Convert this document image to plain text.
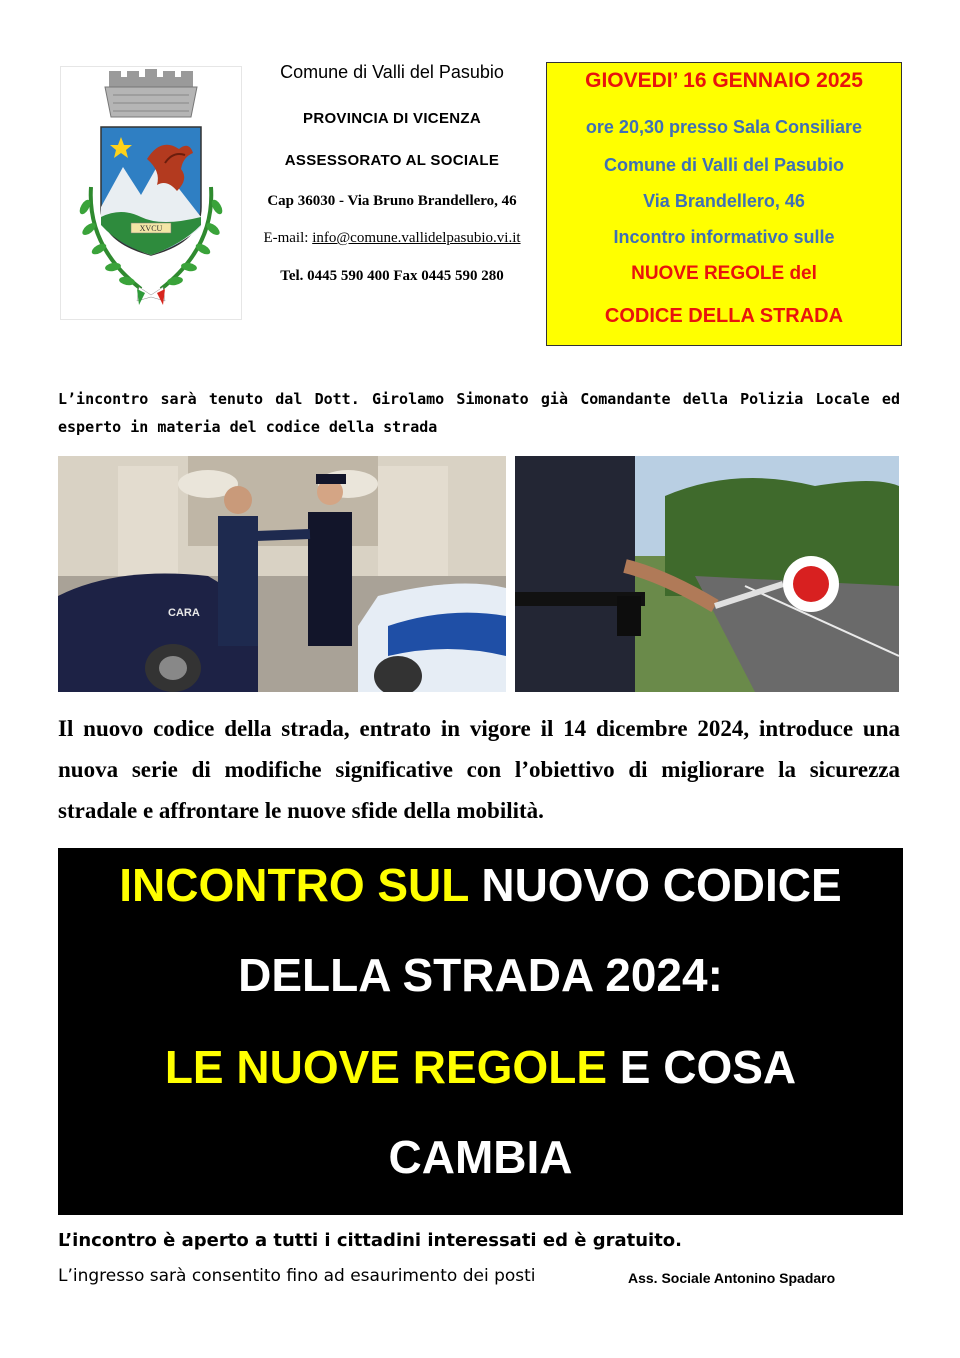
XVCU
Comune di Valli del Pasubio
PROVINCIA DI VICENZA
ASSESSORATO AL SOCIALE
Cap 36030 - Via Bruno Brandellero, 46
E-mail: info@comune.vallidelpasubio.vi.it
Tel. 0445 590 400 Fax 0445 590 280
GIOVEDI’ 16 GENNAIO 2025
ore 20,30 presso Sala Consiliare
Comune di Valli del Pasubio
Via Brandellero, 46
Incontro informativo sulle
NUOVE REGOLE del
CODICE DELLA STRADA
L’incontro sarà tenuto dal Dott. Girolamo Simonato già Comandante della Polizia Locale ed esperto in materia del codice della strada
CARA
Il nuovo codice della strada, entrato in vigore il 14 dicembre 2024, introduce una nuova serie di modifiche significative con l’obiettivo di migliorare la sicurezza stradale e affrontare le nuove sfide della mobilità.
INCONTRO SUL NUOVO CODICE
DELLA STRADA 2024:
LE NUOVE REGOLE E COSA
CAMBIA
L’incontro è aperto a tutti i cittadini interessati ed è gratuito.
L’ingresso sarà consentito fino ad esaurimento dei posti	Ass. Sociale Antonino Spadaro
